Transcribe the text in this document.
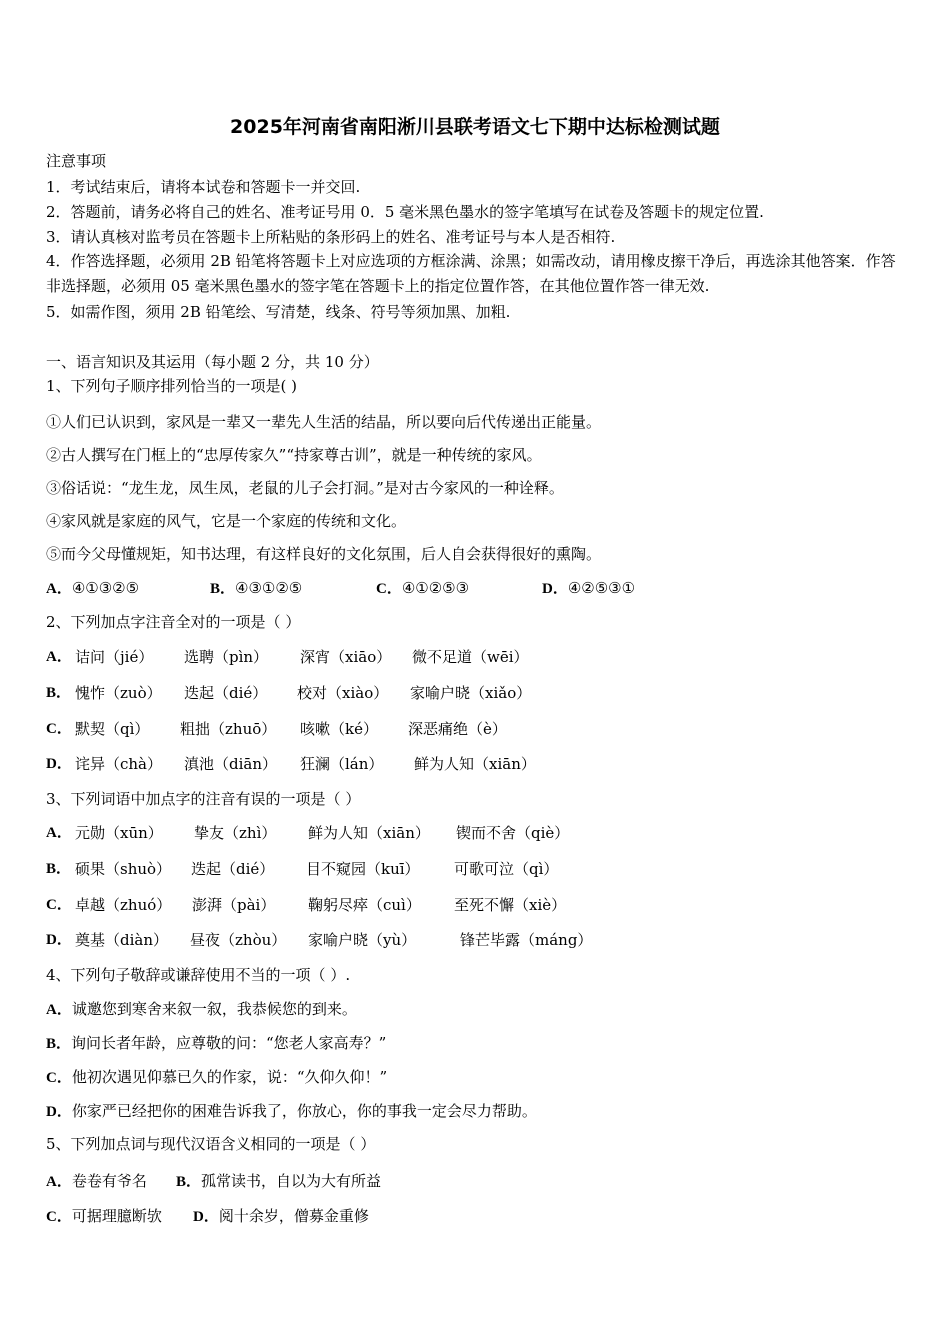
2025年河南省南阳淅川县联考语文七下期中达标检测试题
注意事项
1．考试结束后，请将本试卷和答题卡一并交回.
2．答题前，请务必将自己的姓名、准考证号用 0．5 毫米黑色墨水的签字笔填写在试卷及答题卡的规定位置.
3．请认真核对监考员在答题卡上所粘贴的条形码上的姓名、准考证号与本人是否相符.
4．作答选择题，必须用 2B 铅笔将答题卡上对应选项的方框涂满、涂黑；如需改动，请用橡皮擦干净后，再选涂其他答案．作答非选择题，必须用 05 毫米黑色墨水的签字笔在答题卡上的指定位置作答，在其他位置作答一律无效.
5．如需作图，须用 2B 铅笔绘、写清楚，线条、符号等须加黑、加粗.
一、语言知识及其运用（每小题 2 分，共 10 分）
1、下列句子顺序排列恰当的一项是( )
①人们已认识到，家风是一辈又一辈先人生活的结晶，所以要向后代传递出正能量。
②古人撰写在门框上的“忠厚传家久”“持家尊古训”，就是一种传统的家风。
③俗话说：“龙生龙，凤生凤，老鼠的儿子会打洞。”是对古今家风的一种诠释。
④家风就是家庭的风气，它是一个家庭的传统和文化。
⑤而今父母懂规矩，知书达理，有这样良好的文化氛围，后人自会获得很好的熏陶。
A．④①③②⑤	B．④③①②⑤	C．④①②⑤③	D．④②⑤③①
2、下列加点字注音全对的一项是（ ）
A． 诘问（jié） 选聘（pìn） 深宵（xiāo） 微不足道（wēi）
B． 愧怍（zuò） 迭起（dié） 校对（xiào） 家喻户晓（xiǎo）
C． 默契（qì） 粗拙（zhuō） 咳嗽（ké） 深恶痛绝（è）
D． 诧异（chà） 滇池（diān） 狂澜（lán） 鲜为人知（xiān）
3、下列词语中加点字的注音有误的一项是（ ）
A． 元勋（xūn） 挚友（zhì） 鲜为人知（xiān） 锲而不舍（qiè）
B． 硕果（shuò） 迭起（dié） 目不窥园（kuī） 可歌可泣（qì）
C． 卓越（zhuó） 澎湃（pài） 鞠躬尽瘁（cuì） 至死不懈（xiè）
D． 奠基（diàn） 昼夜（zhòu） 家喻户晓（yù）	锋芒毕露（máng）
4、下列句子敬辞或谦辞使用不当的一项（ ）.
A．诚邀您到寒舍来叙一叙，我恭候您的到来。
B．询问长者年龄，应尊敬的问：“您老人家高寿？”
C．他初次遇见仰慕已久的作家，说：“久仰久仰！”
D．你家严已经把你的困难告诉我了，你放心，你的事我一定会尽力帮助。
5、下列加点词与现代汉语含义相同的一项是（ ）
A．卷卷有爷名 B．孤常读书，自以为大有所益
C．可据理臆断欤 D．阅十余岁，僧募金重修
